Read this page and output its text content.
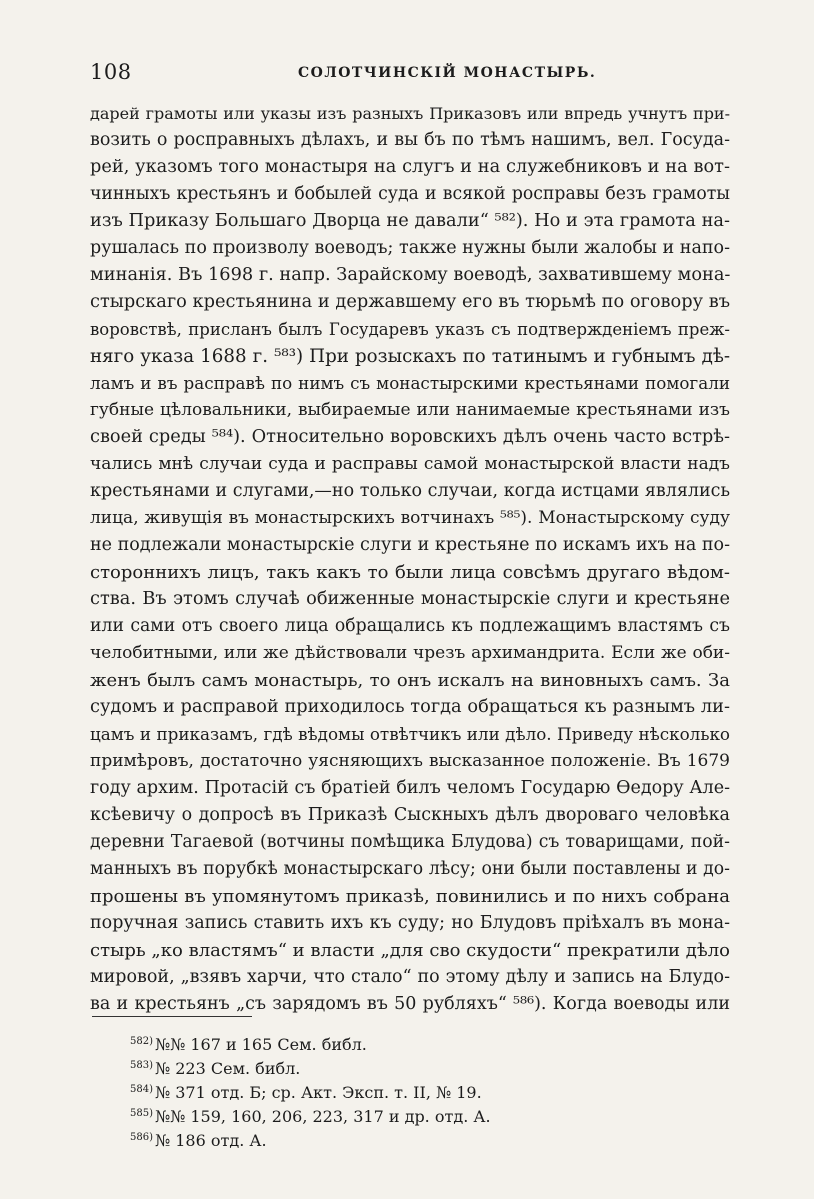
108	СОЛОТЧИНСКІЙ МОНАСТЫРЬ.
дарей грамоты или указы изъ разныхъ Приказовъ или впредь учнутъ при-
возить о росправныхъ дѣлахъ, и вы бъ по тѣмъ нашимъ, вел. Госуда-
рей, указомъ того монастыря на слугъ и на служебниковъ и на вот-
чинныхъ крестьянъ и бобылей суда и всякой росправы безъ грамоты
изъ Приказу Большаго Дворца не давали“ ⁵⁸²). Но и эта грамота на-
рушалась по произволу воеводъ; также нужны были жалобы и напо-
минанія. Въ 1698 г. напр. Зарайскому воеводѣ, захватившему мона-
стырскаго крестьянина и державшему его въ тюрьмѣ по оговору въ
воровствѣ, присланъ былъ Государевъ указъ съ подтвержденіемъ преж-
няго указа 1688 г. ⁵⁸³) При розыскахъ по татинымъ и губнымъ дѣ-
ламъ и въ расправѣ по нимъ съ монастырскими крестьянами помогали
губные цѣловальники, выбираемые или нанимаемые крестьянами изъ
своей среды ⁵⁸⁴). Относительно воровскихъ дѣлъ очень часто встрѣ-
чались мнѣ случаи суда и расправы самой монастырской власти надъ
крестьянами и слугами,—но только случаи, когда истцами являлись
лица, живущія въ монастырскихъ вотчинахъ ⁵⁸⁵). Монастырскому суду
не подлежали монастырскіе слуги и крестьяне по искамъ ихъ на по-
стороннихъ лицъ, такъ какъ то были лица совсѣмъ другаго вѣдом-
ства. Въ этомъ случаѣ обиженные монастырскіе слуги и крестьяне
или сами отъ своего лица обращались къ подлежащимъ властямъ съ
челобитными, или же дѣйствовали чрезъ архимандрита. Если же оби-
женъ былъ самъ монастырь, то онъ искалъ на виновныхъ самъ. За
судомъ и расправой приходилось тогда обращаться къ разнымъ ли-
цамъ и приказамъ, гдѣ вѣдомы отвѣтчикъ или дѣло. Приведу нѣсколько
примѣровъ, достаточно уясняющихъ высказанное положеніе. Въ 1679
году архим. Протасій съ братіей билъ челомъ Государю Өедору Але-
ксѣевичу о допросѣ въ Приказѣ Сыскныхъ дѣлъ двороваго человѣка
деревни Тагаевой (вотчины помѣщика Блудова) съ товарищами, пой-
манныхъ въ порубкѣ монастырскаго лѣсу; они были поставлены и до-
прошены въ упомянутомъ приказѣ, повинились и по нихъ собрана
поручная запись ставить ихъ къ суду; но Блудовъ пріѣхалъ въ мона-
стырь „ко властямъ“ и власти „для сво скудости“ прекратили дѣло
мировой, „взявъ харчи, что стало“ по этому дѣлу и запись на Блудо-
ва и крестьянъ „съ зарядомъ въ 50 рубляхъ“ ⁵⁸⁶). Когда воеводы или
$^{582)}$ №№ 167 и 165 Сем. библ.
$^{583)}$ № 223 Сем. библ.
$^{584)}$ № 371 отд. Б; ср. Акт. Эксп. т. II, № 19.
$^{585)}$ №№ 159, 160, 206, 223, 317 и др. отд. А.
$^{586)}$ № 186 отд. А.
